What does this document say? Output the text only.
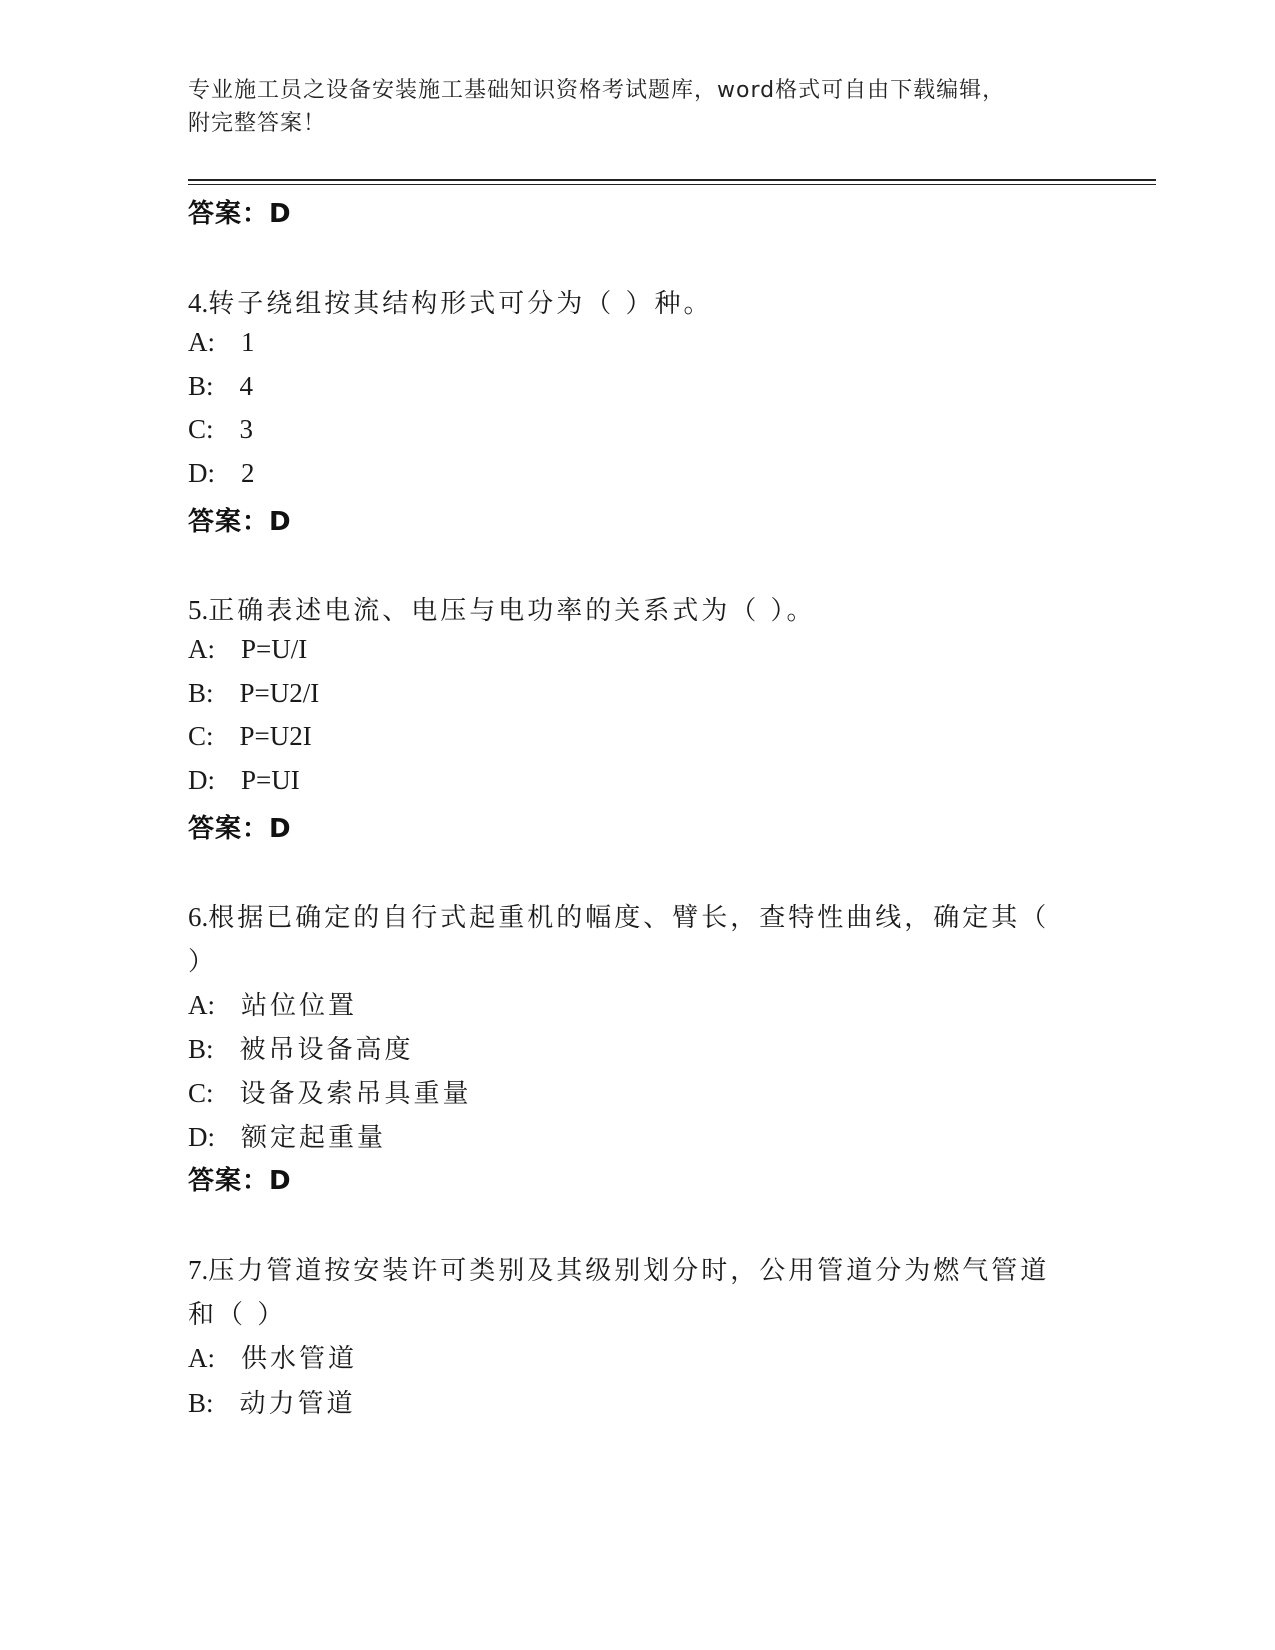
专业施工员之设备安装施工基础知识资格考试题库，word格式可自由下载编辑，
附完整答案！
答案：D
4.转子绕组按其结构形式可分为（ ）种。
A: 1
B: 4
C: 3
D: 2
答案：D
5.正确表述电流、电压与电功率的关系式为（ ）。
A: P=U/I
B: P=U2/I
C: P=U2I
D: P=UI
答案：D
6.根据已确定的自行式起重机的幅度、臂长，查特性曲线，确定其（
）
A: 站位位置
B: 被吊设备高度
C: 设备及索吊具重量
D: 额定起重量
答案：D
7.压力管道按安装许可类别及其级别划分时，公用管道分为燃气管道
和（ ）
A: 供水管道
B: 动力管道
